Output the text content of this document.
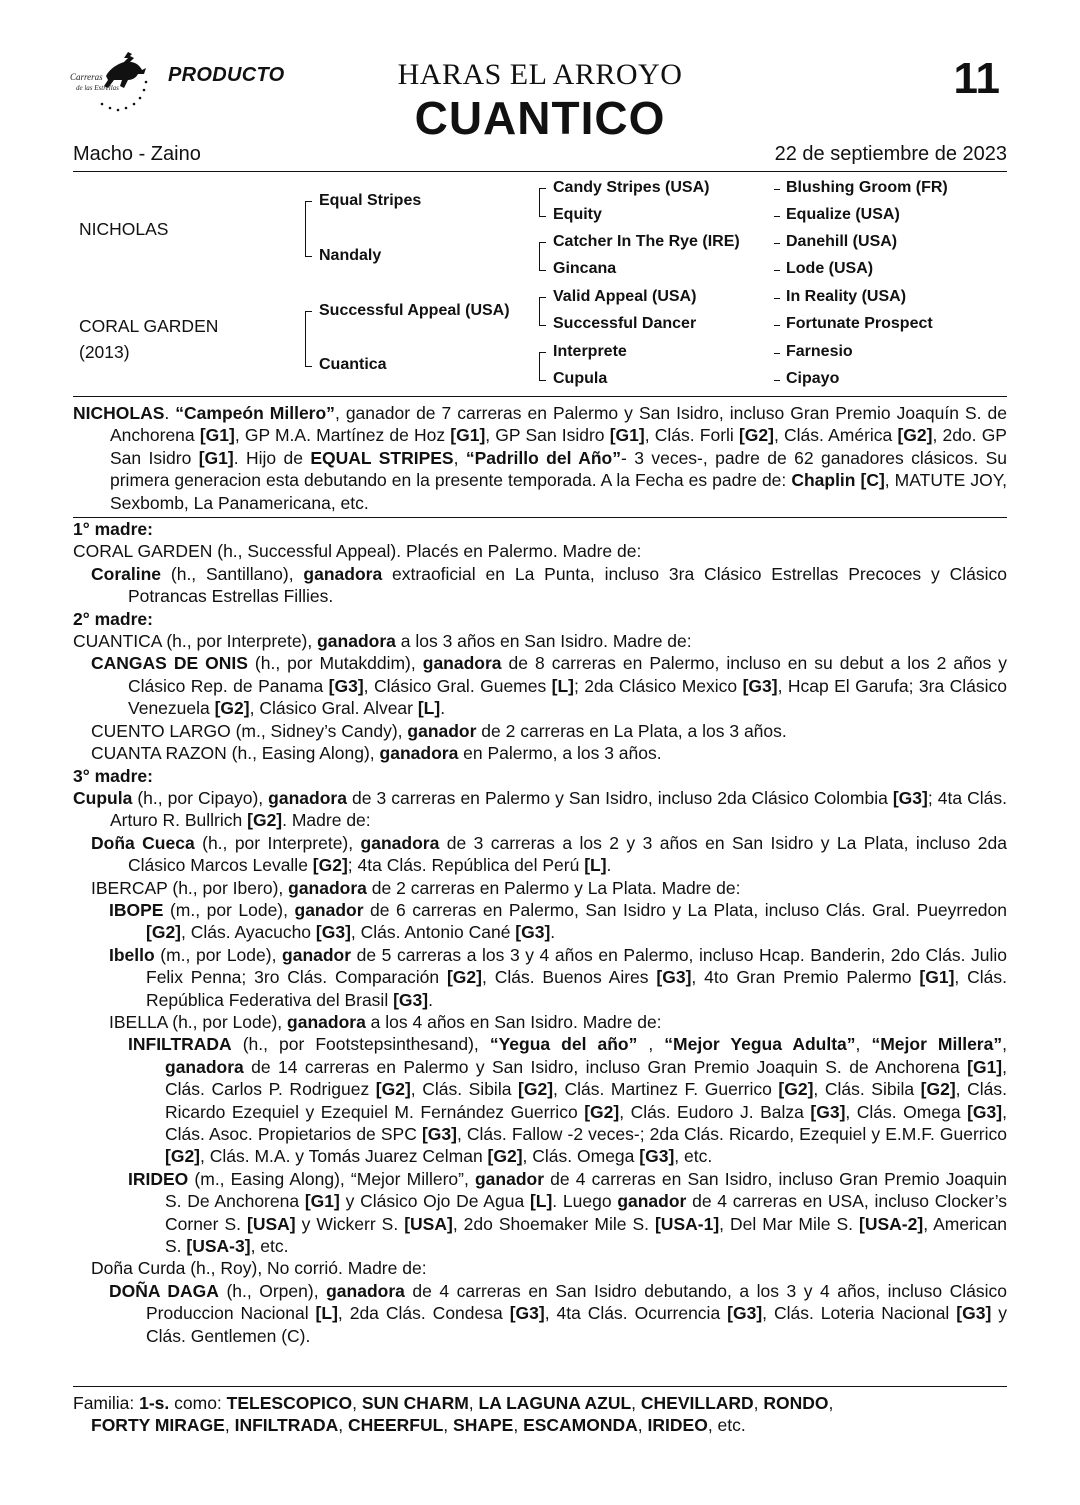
Carreras
de las Estrellas
PRODUCTO	HARAS EL ARROYO
CUANTICO
11
Macho - Zaino	22 de septiembre de 2023
NICHOLAS
CORAL GARDEN
(2013)
Equal Stripes
Nandaly
Successful Appeal (USA)
Cuantica
Candy Stripes (USA)
Equity
Catcher In The Rye (IRE)
Gincana
Valid Appeal (USA)
Successful Dancer
Interprete
Cupula
Blushing Groom (FR)
Equalize (USA)
Danehill (USA)
Lode (USA)
In Reality (USA)
Fortunate Prospect
Farnesio
Cipayo

NICHOLAS. “Campeón Millero”, ganador de 7 carreras en Palermo y San Isidro, incluso Gran Premio Joaquín S. de Anchorena [G1], GP M.A. Martínez de Hoz [G1], GP San Isidro [G1], Clás. Forli [G2], Clás. América [G2], 2do. GP San Isidro [G1]. Hijo de EQUAL STRIPES, “Padrillo del Año”- 3 veces-, padre de 62 ganadores clásicos. Su primera generacion esta debutando en la presente temporada. A la Fecha es padre de: Chaplin [C], MATUTE JOY, Sexbomb, La Panamericana, etc.

1° madre:

CORAL GARDEN (h., Successful Appeal). Placés en Palermo. Madre de:

Coraline (h., Santillano), ganadora extraoficial en La Punta, incluso 3ra Clásico Estrellas Precoces y Clásico Potrancas Estrellas Fillies.

2° madre:

CUANTICA (h., por Interprete), ganadora a los 3 años en San Isidro. Madre de:

CANGAS DE ONIS (h., por Mutakddim), ganadora de 8 carreras en Palermo, incluso en su debut a los 2 años y Clásico Rep. de Panama [G3], Clásico Gral. Guemes [L]; 2da Clásico Mexico [G3], Hcap El Garufa; 3ra Clásico Venezuela [G2], Clásico Gral. Alvear [L].

CUENTO LARGO (m., Sidney’s Candy), ganador de 2 carreras en La Plata, a los 3 años.

CUANTA RAZON (h., Easing Along), ganadora en Palermo, a los 3 años.

3° madre:

Cupula (h., por Cipayo), ganadora de 3 carreras en Palermo y San Isidro, incluso 2da Clásico Colombia [G3]; 4ta Clás. Arturo R. Bullrich [G2]. Madre de:

Doña Cueca (h., por Interprete), ganadora de 3 carreras a los 2 y 3 años en San Isidro y La Plata, incluso 2da Clásico Marcos Levalle [G2]; 4ta Clás. República del Perú [L].

IBERCAP (h., por Ibero), ganadora de 2 carreras en Palermo y La Plata. Madre de:

IBOPE (m., por Lode), ganador de 6 carreras en Palermo, San Isidro y La Plata, incluso Clás. Gral. Pueyrredon [G2], Clás. Ayacucho [G3], Clás. Antonio Cané [G3].

Ibello (m., por Lode), ganador de 5 carreras a los 3 y 4 años en Palermo, incluso Hcap. Banderin, 2do Clás. Julio Felix Penna; 3ro Clás. Comparación [G2], Clás. Buenos Aires [G3], 4to Gran Premio Palermo [G1], Clás. República Federativa del Brasil [G3].

IBELLA (h., por Lode), ganadora a los 4 años en San Isidro. Madre de:

INFILTRADA (h., por Footstepsinthesand), “Yegua del año” , “Mejor Yegua Adulta”, “Mejor Millera”, ganadora de 14 carreras en Palermo y San Isidro, incluso Gran Premio Joaquin S. de Anchorena [G1], Clás. Carlos P. Rodriguez [G2], Clás. Sibila [G2], Clás. Martinez F. Guerrico [G2], Clás. Sibila [G2], Clás. Ricardo Ezequiel y Ezequiel M. Fernández Guerrico [G2], Clás. Eudoro J. Balza [G3], Clás. Omega [G3], Clás. Asoc. Propietarios de SPC [G3], Clás. Fallow -2 veces-; 2da Clás. Ricardo, Ezequiel y E.M.F. Guerrico [G2], Clás. M.A. y Tomás Juarez Celman [G2], Clás. Omega [G3], etc.

IRIDEO (m., Easing Along), “Mejor Millero”, ganador de 4 carreras en San Isidro, incluso Gran Premio Joaquin S. De Anchorena [G1] y Clásico Ojo De Agua [L]. Luego ganador de 4 carreras en USA, incluso Clocker’s Corner S. [USA] y Wickerr S. [USA], 2do Shoemaker Mile S. [USA-1], Del Mar Mile S. [USA-2], American S. [USA-3], etc.

Doña Curda (h., Roy), No corrió. Madre de:

DOÑA DAGA (h., Orpen), ganadora de 4 carreras en San Isidro debutando, a los 3 y 4 años, incluso Clásico Produccion Nacional [L], 2da Clás. Condesa [G3], 4ta Clás. Ocurrencia [G3], Clás. Loteria Nacional [G3] y Clás. Gentlemen (C).

Familia: 1-s. como: TELESCOPICO, SUN CHARM, LA LAGUNA AZUL, CHEVILLARD, RONDO,
FORTY MIRAGE, INFILTRADA, CHEERFUL, SHAPE, ESCAMONDA, IRIDEO, etc.
